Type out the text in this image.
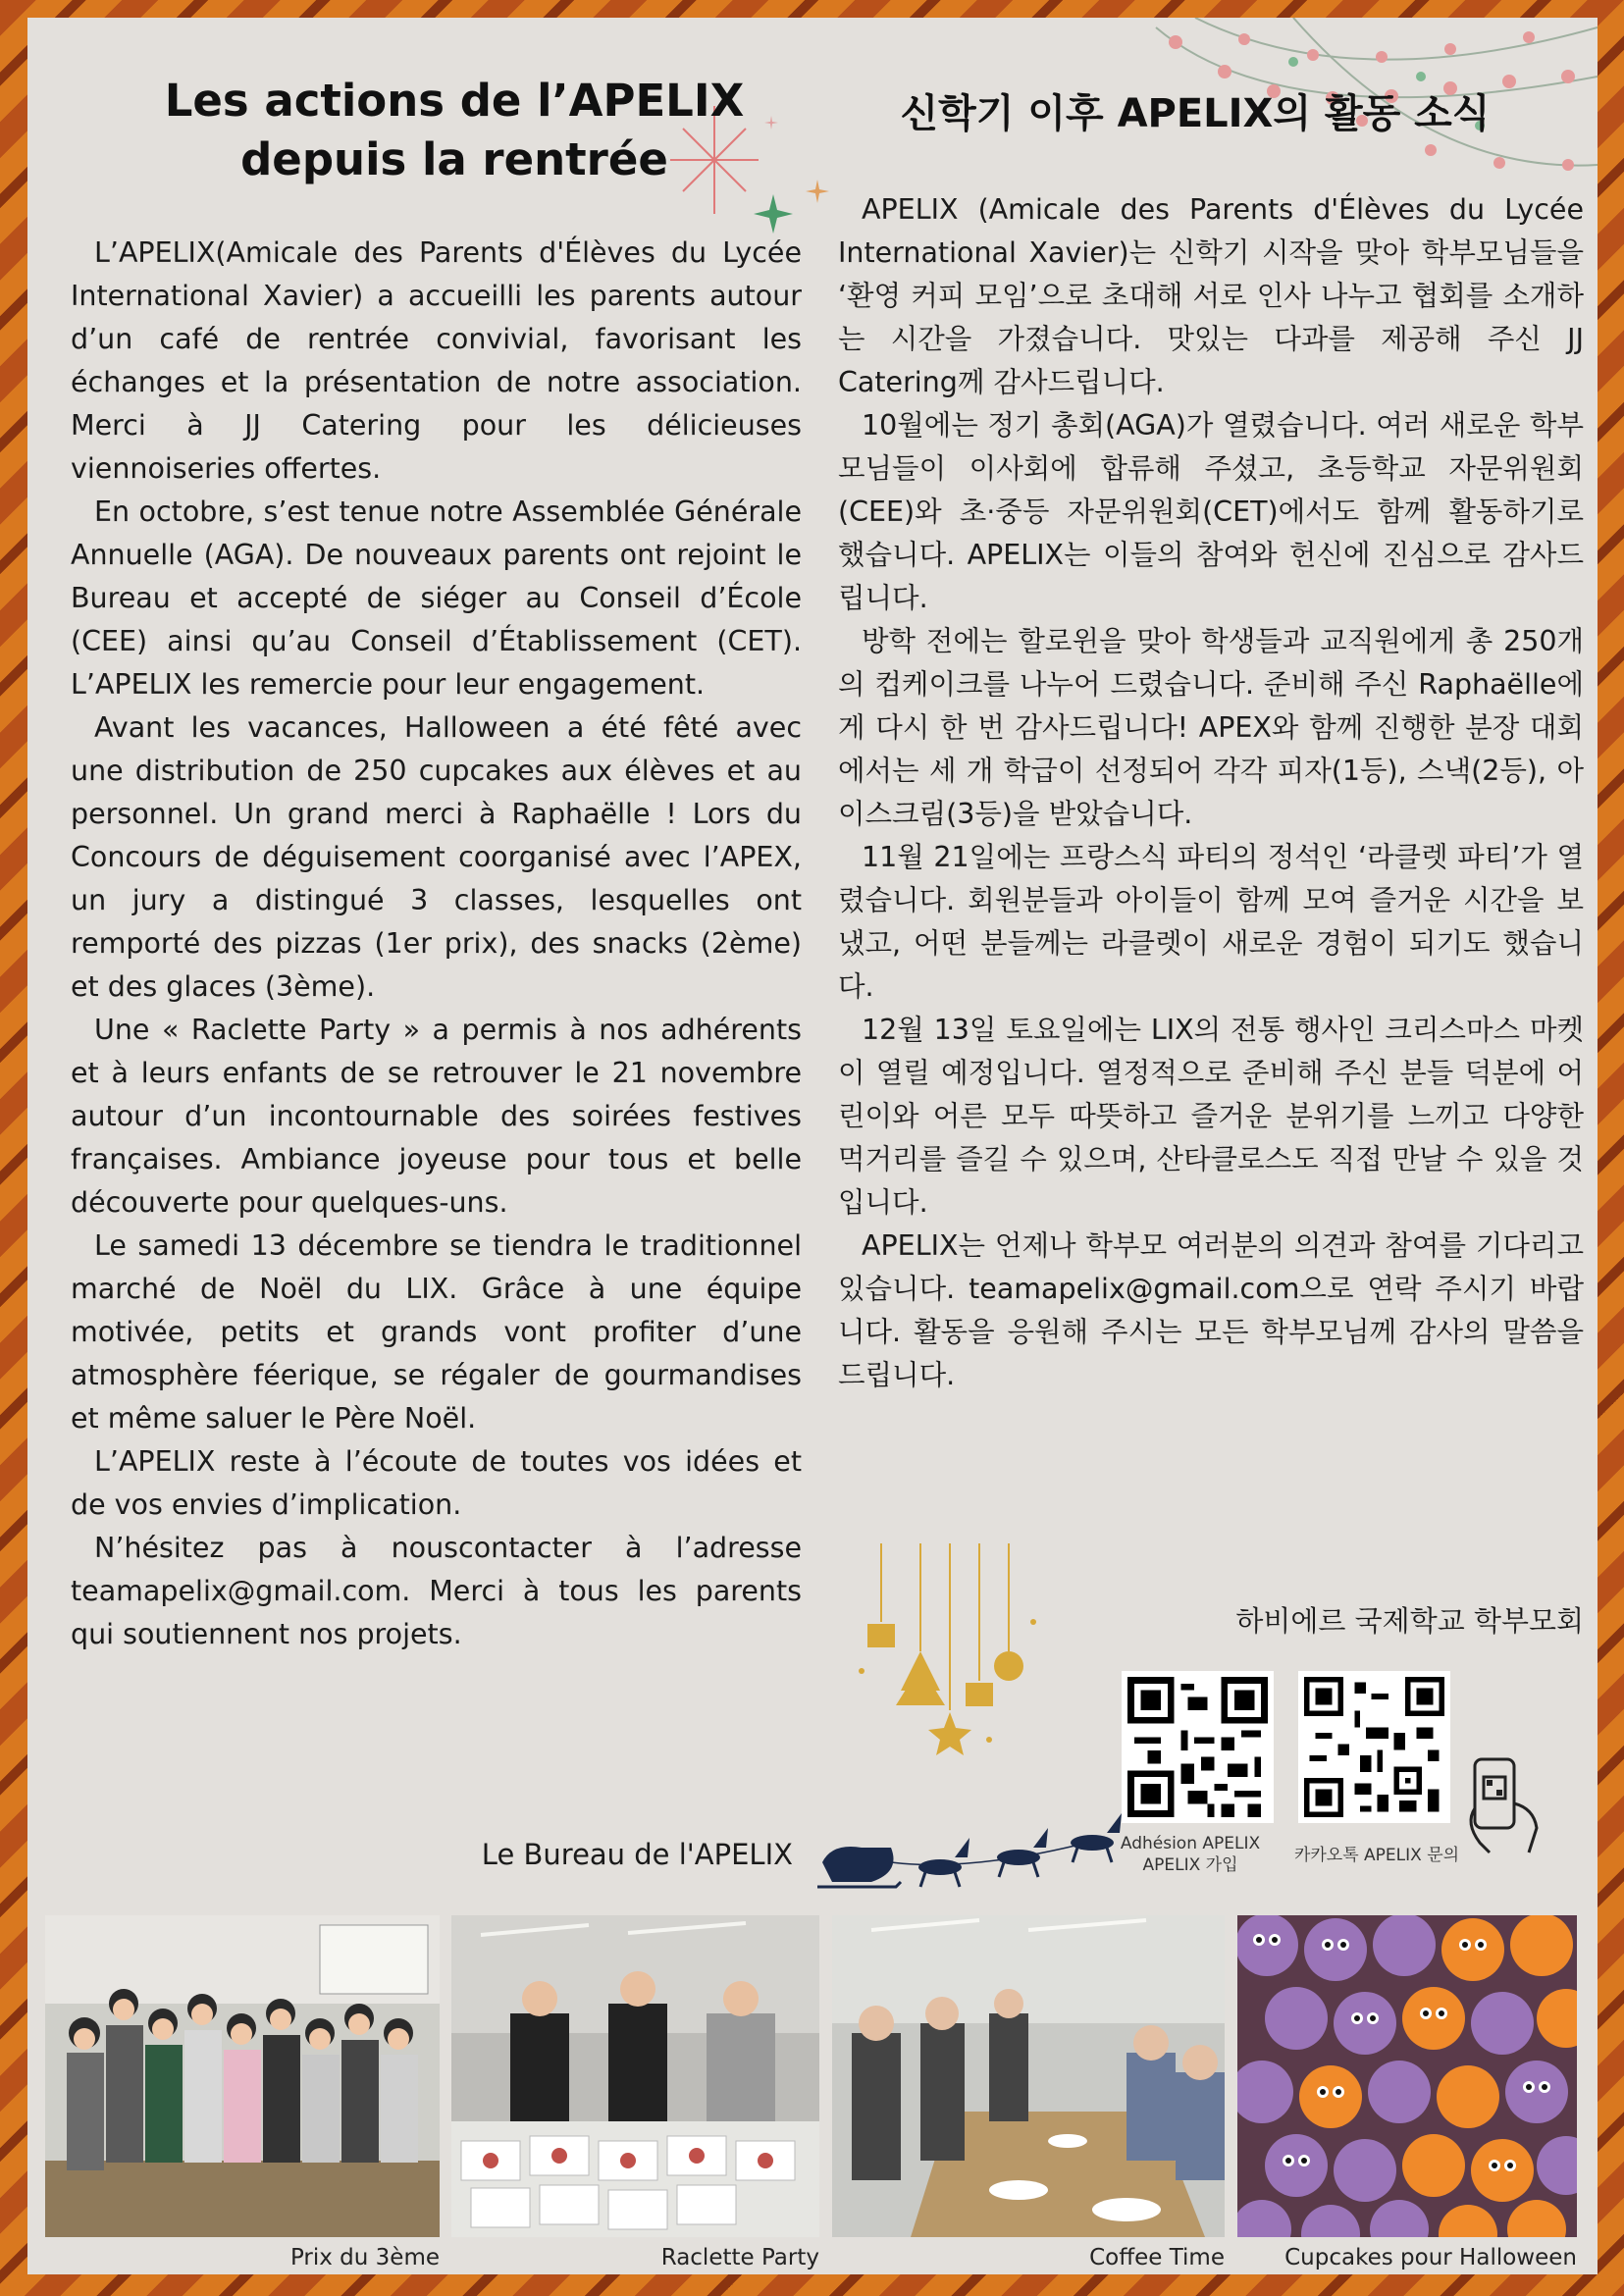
Les actions de l’APELIX
depuis la rentrée
신학기 이후 APELIX의 활동 소식

L’APELIX(Amicale des Parents d'Élèves du Lycée International Xavier) a accueilli les parents autour d’un café de rentrée convivial, favorisant les échanges et la présentation de notre association. Merci à JJ Catering pour les délicieuses viennoiseries offertes.

En octobre, s’est tenue notre Assemblée Générale Annuelle (AGA). De nouveaux parents ont rejoint le Bureau et accepté de siéger au Conseil d’École (CEE) ainsi qu’au Conseil d’Établissement (CET). L’APELIX les remercie pour leur engagement.

Avant les vacances, Halloween a été fêté avec une distribution de 250 cupcakes aux élèves et au personnel. Un grand merci à Raphaëlle ! Lors du Concours de déguisement coorganisé avec l’APEX, un jury a distingué 3 classes, lesquelles ont remporté des pizzas (1er prix), des snacks (2ème) et des glaces (3ème).

Une « Raclette Party » a permis à nos adhérents et à leurs enfants de se retrouver le 21 novembre autour d’un incontournable des soirées festives françaises. Ambiance joyeuse pour tous et belle découverte pour quelques-uns.

Le samedi 13 décembre se tiendra le traditionnel marché de Noël du LIX. Grâce à une équipe motivée, petits et grands vont profiter d’une atmosphère féerique, se régaler de gourmandises et même saluer le Père Noël.

L’APELIX reste à l’écoute de toutes vos idées et de vos envies d’implication.

N’hésitez pas à nouscontacter à l’adresse teamapelix@gmail.com. Merci à tous les parents qui soutiennent nos projets.

Le Bureau de l'APELIX

APELIX (Amicale des Parents d'Élèves du Lycée International Xavier)는 신학기 시작을 맞아 학부모님들을 ‘환영 커피 모임’으로 초대해 서로 인사 나누고 협회를 소개하는 시간을 가졌습니다. 맛있는 다과를 제공해 주신 JJ Catering께 감사드립니다.

10월에는 정기 총회(AGA)가 열렸습니다. 여러 새로운 학부모님들이 이사회에 합류해 주셨고, 초등학교 자문위원회(CEE)와 초·중등 자문위원회(CET)에서도 함께 활동하기로 했습니다. APELIX는 이들의 참여와 헌신에 진심으로 감사드립니다.

방학 전에는 할로윈을 맞아 학생들과 교직원에게 총 250개의 컵케이크를 나누어 드렸습니다. 준비해 주신 Raphaëlle에게 다시 한 번 감사드립니다! APEX와 함께 진행한 분장 대회에서는 세 개 학급이 선정되어 각각 피자(1등), 스낵(2등), 아이스크림(3등)을 받았습니다.

11월 21일에는 프랑스식 파티의 정석인 ‘라클렛 파티’가 열렸습니다. 회원분들과 아이들이 함께 모여 즐거운 시간을 보냈고, 어떤 분들께는 라클렛이 새로운 경험이 되기도 했습니다.

12월 13일 토요일에는 LIX의 전통 행사인 크리스마스 마켓이 열릴 예정입니다. 열정적으로 준비해 주신 분들 덕분에 어린이와 어른 모두 따뜻하고 즐거운 분위기를 느끼고 다양한 먹거리를 즐길 수 있으며, 산타클로스도 직접 만날 수 있을 것입니다.

APELIX는 언제나 학부모 여러분의 의견과 참여를 기다리고 있습니다. teamapelix@gmail.com으로 연락 주시기 바랍니다. 활동을 응원해 주시는 모든 학부모님께 감사의 말씀을 드립니다.

하비에르 국제학교 학부모회
Adhésion APELIX
APELIX 가입	카카오톡 APELIX 문의
Prix du 3ème	Raclette Party	Coffee Time	Cupcakes pour Halloween
